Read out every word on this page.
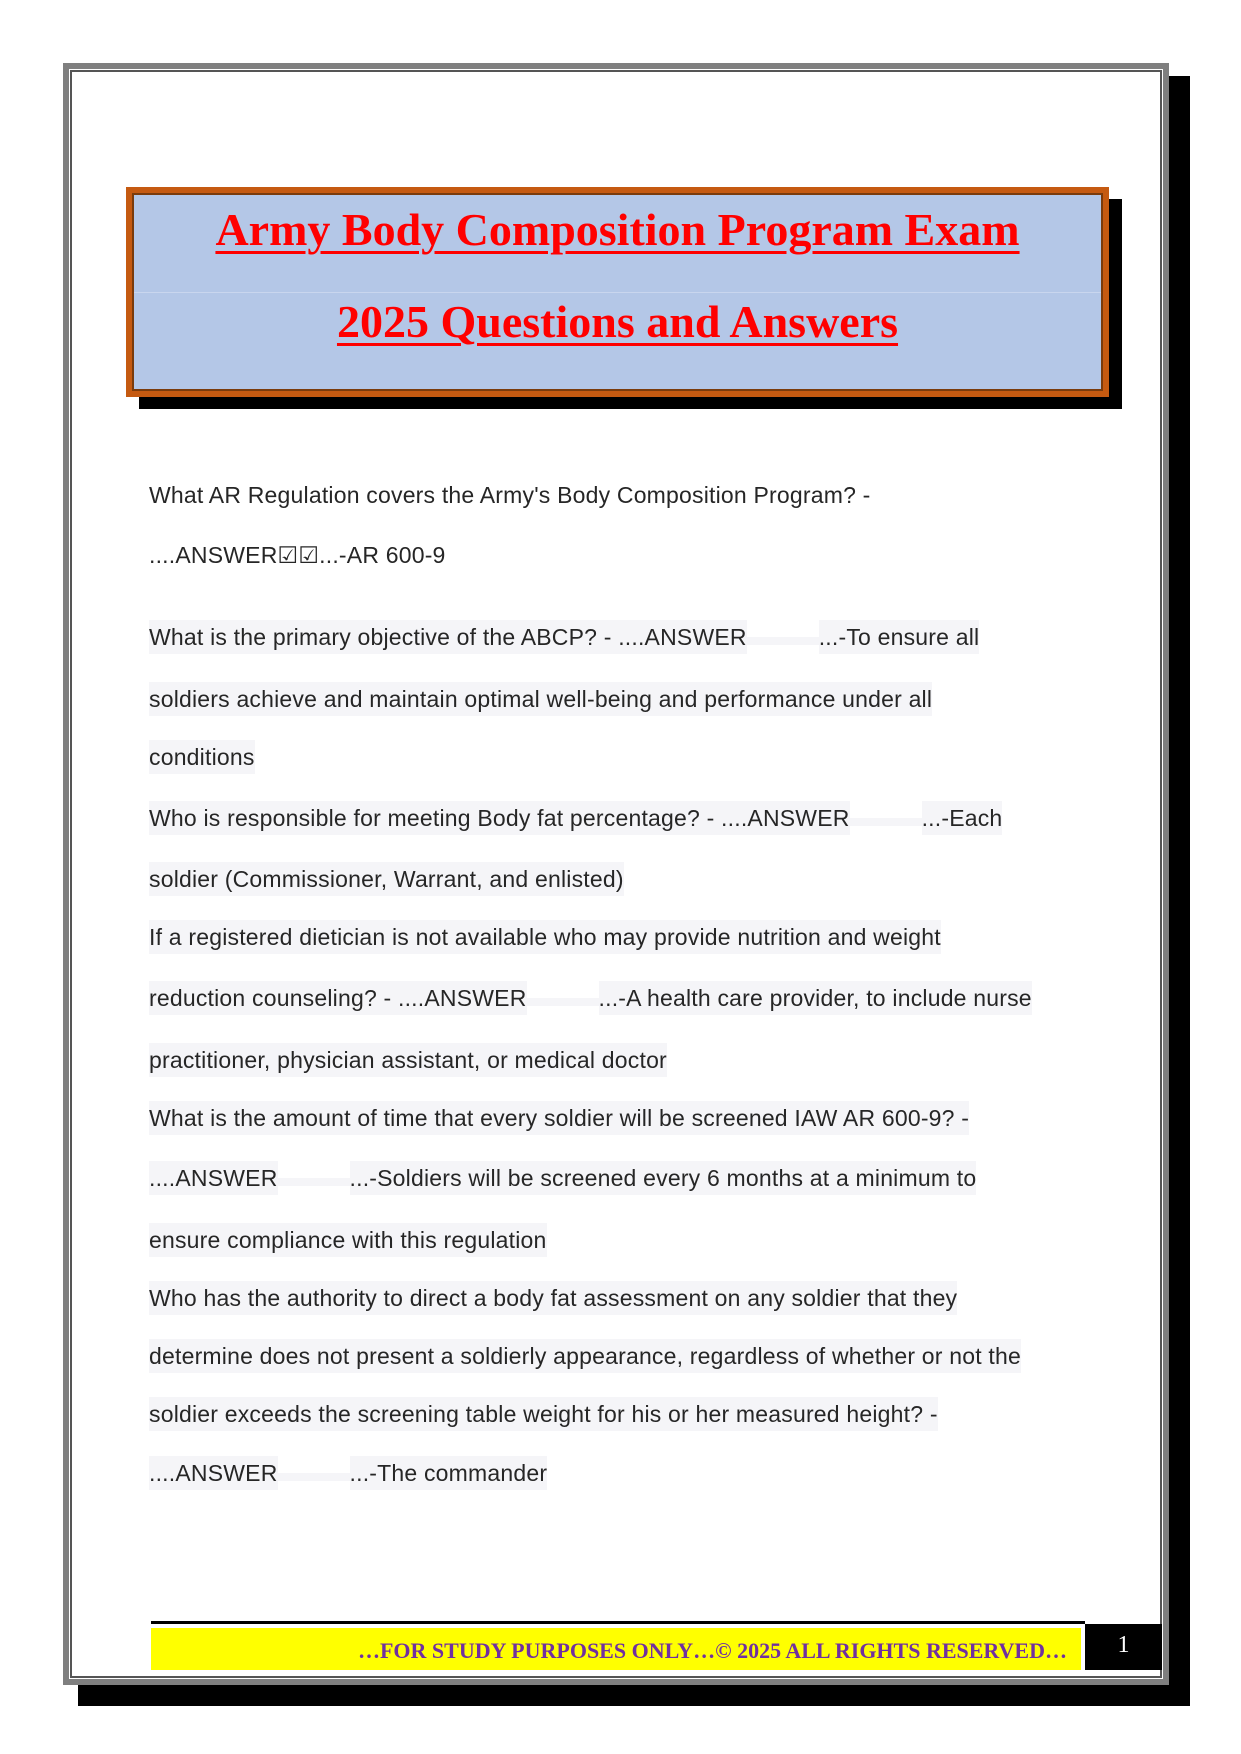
Army Body Composition Program Exam
2025 Questions and Answers
What AR Regulation covers the Army's Body Composition Program? -
....ANSWER☑☑...-AR 600-9
What is the primary objective of the ABCP? - ....ANSWER	...-To ensure all
soldiers achieve and maintain optimal well-being and performance under all
conditions
Who is responsible for meeting Body fat percentage? - ....ANSWER	...-Each
soldier (Commissioner, Warrant, and enlisted)
If a registered dietician is not available who may provide nutrition and weight
reduction counseling? - ....ANSWER	...-A health care provider, to include nurse
practitioner, physician assistant, or medical doctor
What is the amount of time that every soldier will be screened IAW AR 600-9? -
....ANSWER	...-Soldiers will be screened every 6 months at a minimum to
ensure compliance with this regulation
Who has the authority to direct a body fat assessment on any soldier that they
determine does not present a soldierly appearance, regardless of whether or not the
soldier exceeds the screening table weight for his or her measured height? -
....ANSWER	...-The commander
…FOR STUDY PURPOSES ONLY…© 2025 ALL RIGHTS RESERVED…	1
